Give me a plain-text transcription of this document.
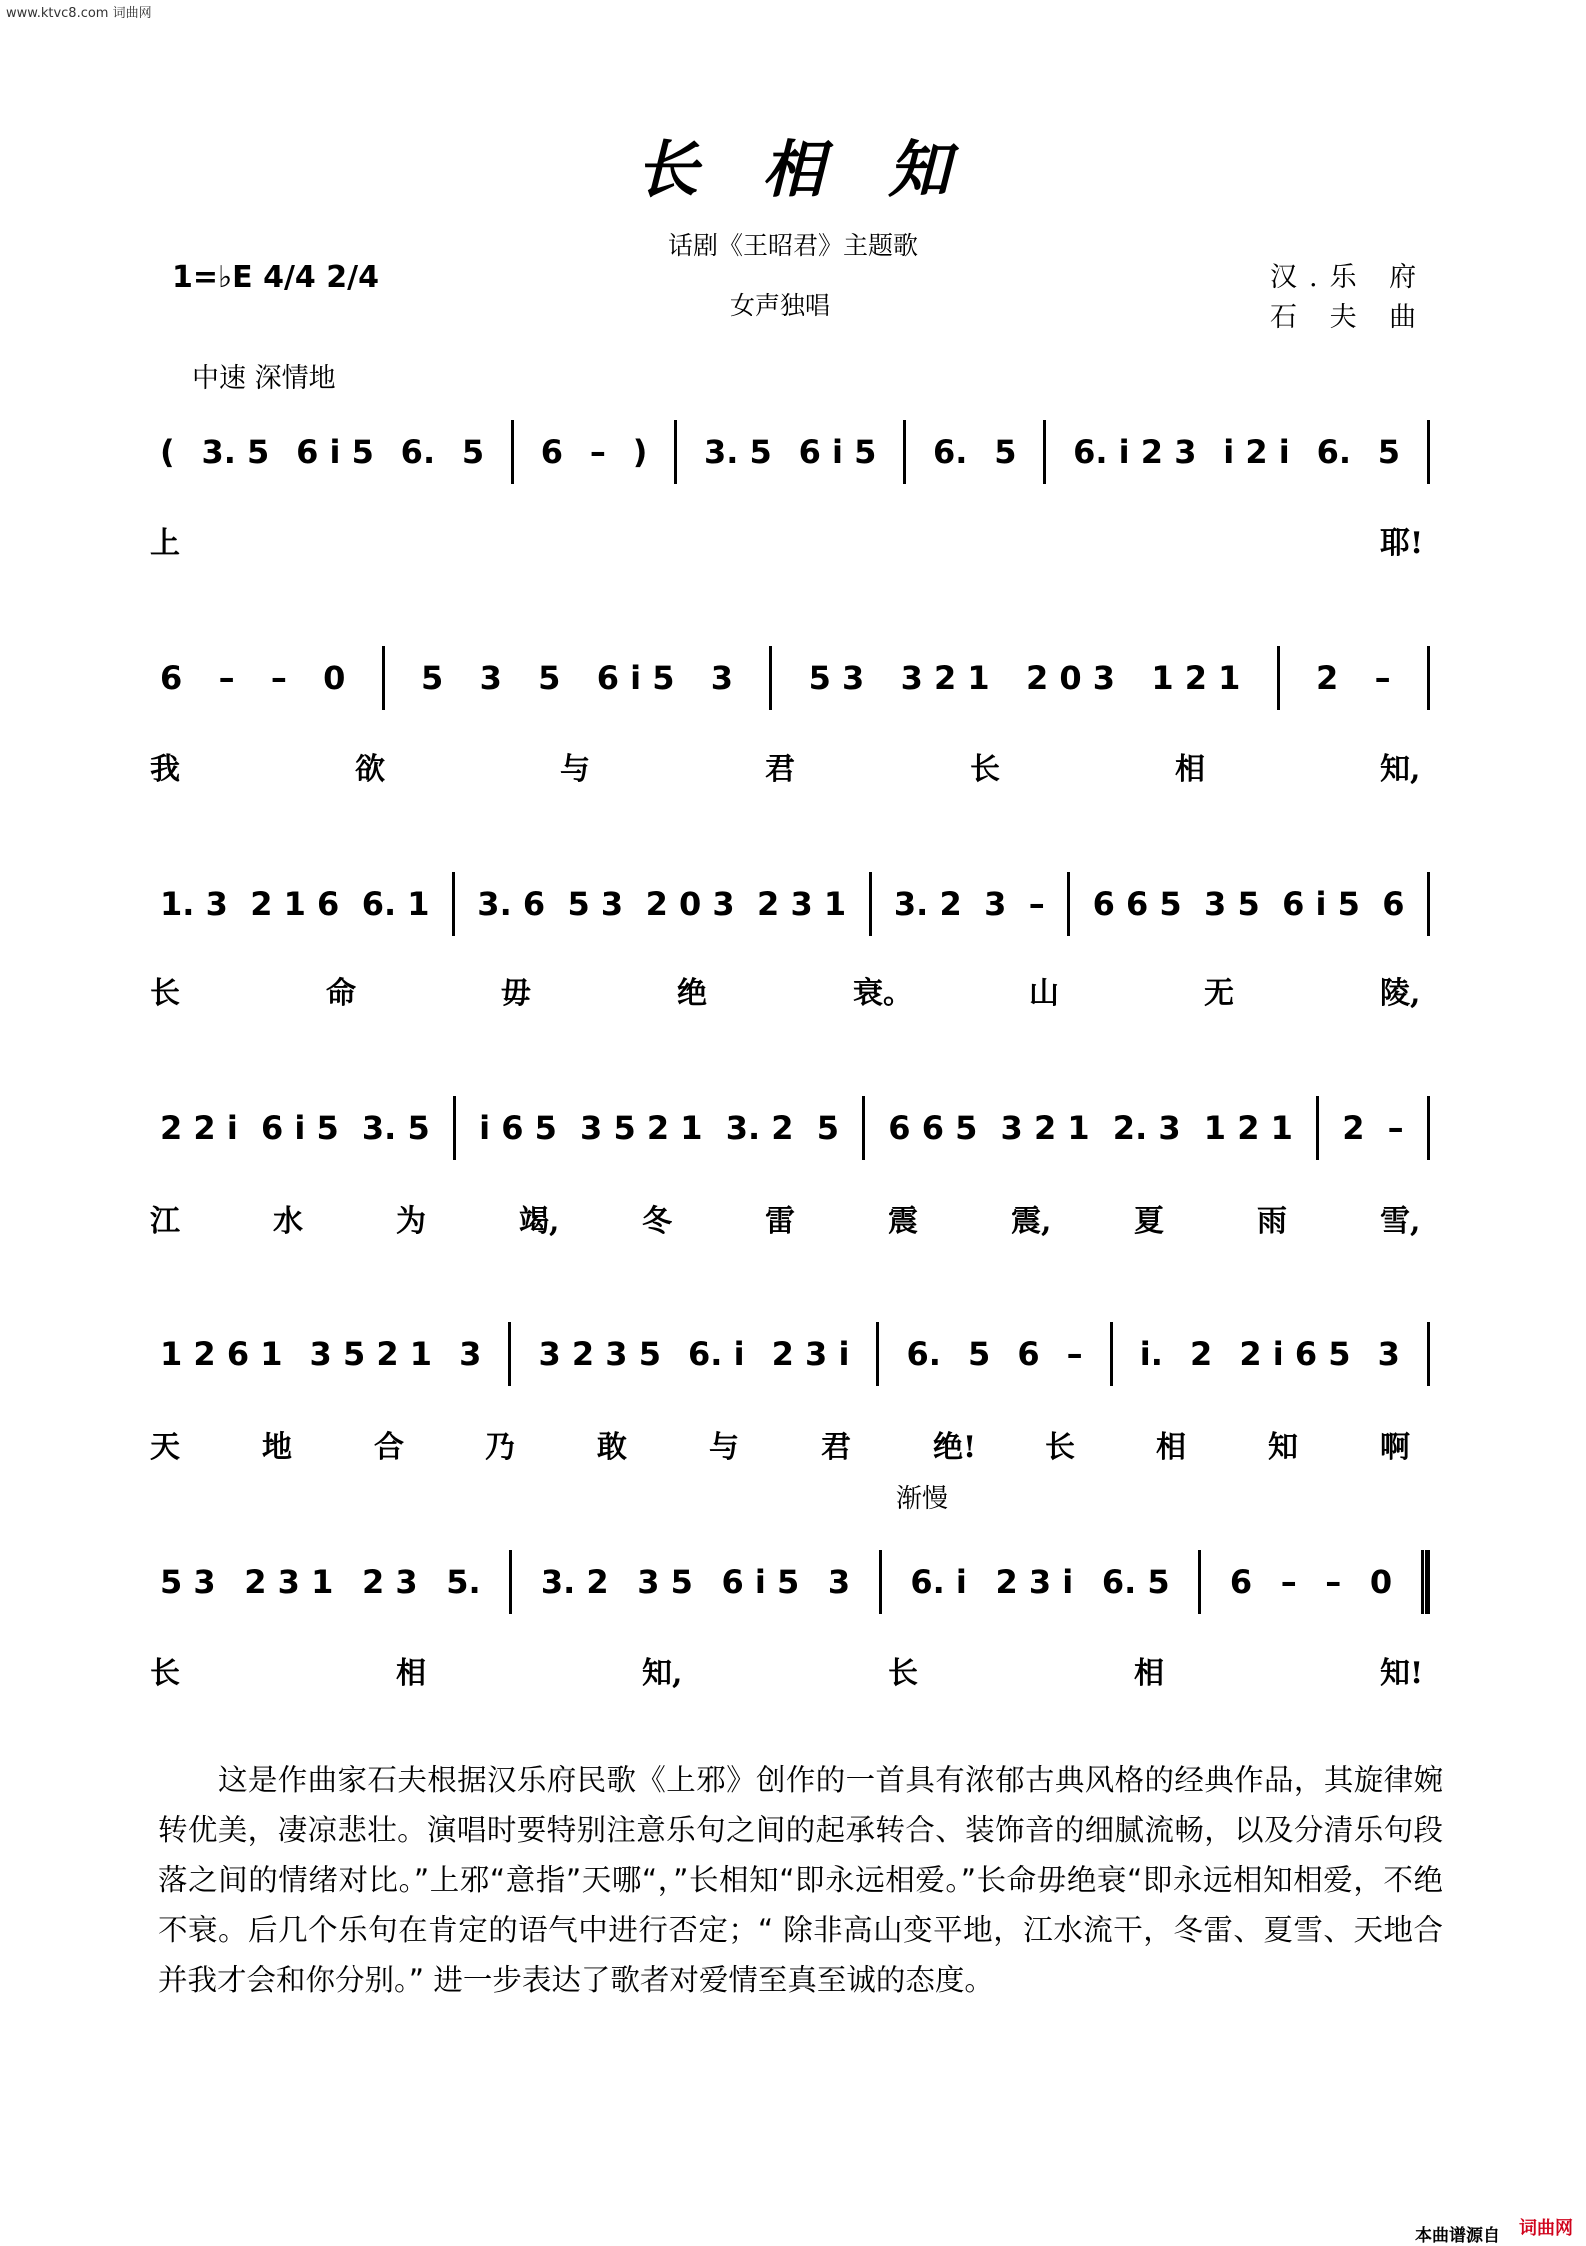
www.ktvc8.com 词曲网
长相知
话剧《王昭君》主题歌
女声独唱
汉.乐 府
石 夫 曲
1=♭E 4/4 2/4
中速 深情地
渐慢
( 3. 5 6 i 5 6. 5 6 – ) 3. 5 6 i 5 6. 5 6. i 2 3 i 2 i 6. 5
上	耶!
6 – – 0 5 3 5 6 i 5 3 5 3 3 2 1 2 0 3 1 2 1 2 –
我	欲	与	君	长	相	知,
1. 3 2 1 6 6. 1 3. 6 5 3 2 0 3 2 3 1 3. 2 3 – 6 6 5 3 5 6 i 5 6
长	命	毋	绝	衰。	山	无	陵,
2 2 i 6 i 5 3. 5 i 6 5 3 5 2 1 3. 2 5 6 6 5 3 2 1 2. 3 1 2 1 2 –
江	水	为	竭,	冬	雷	震	震,	夏	雨	雪,
1 2 6 1 3 5 2 1 3 3 2 3 5 6. i 2 3 i 6. 5 6 – i. 2 2 i 6 5 3
天	地	合	乃	敢	与	君	绝! 长	相	知	啊
5 3 2 3 1 2 3 5. 3. 2 3 5 6 i 5 3 6. i 2 3 i 6. 5 6 – – 0
长	相	知,	长	相	知!
这是作曲家石夫根据汉乐府民歌《上邪》创作的一首具有浓郁古典风格的经典作品，其旋律婉转优美，凄凉悲壮。演唱时要特别注意乐句之间的起承转合、装饰音的细腻流畅，以及分清乐句段落之间的情绪对比。”上邪“意指”天哪“，”长相知“即永远相爱。”长命毋绝衰“即永远相知相爱，不绝不衰。后几个乐句在肯定的语气中进行否定；“ 除非高山变平地，江水流干，冬雷、夏雪、天地合并我才会和你分别。” 进一步表达了歌者对爱情至真至诚的态度。
本曲谱源自	词曲网
